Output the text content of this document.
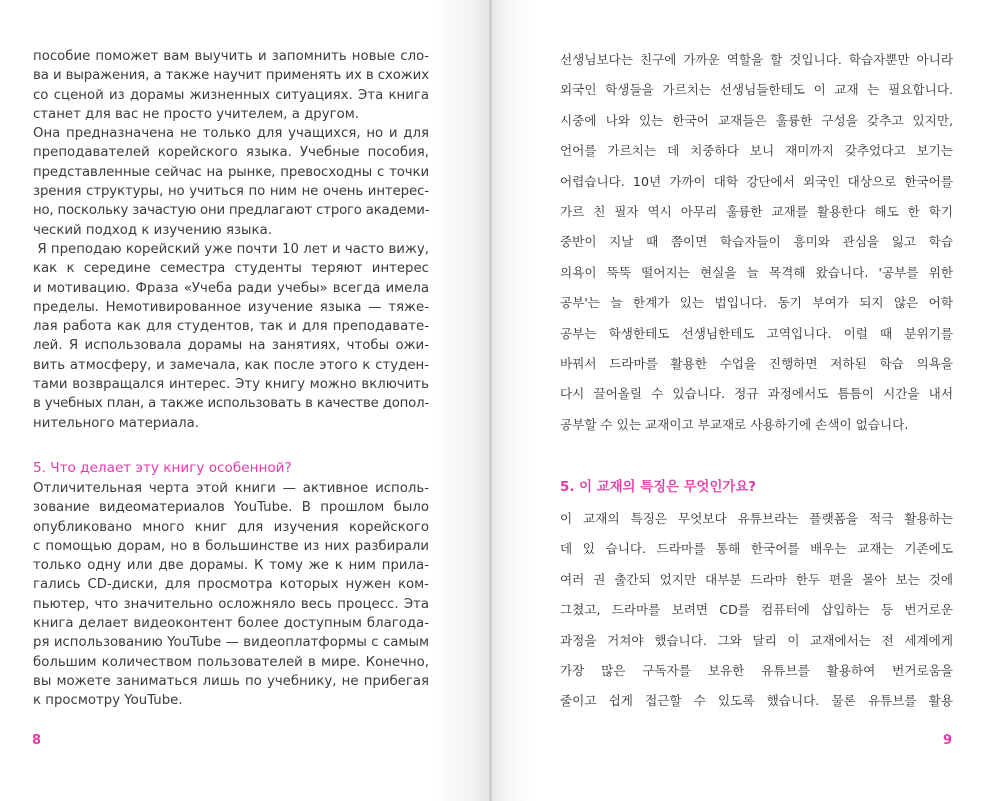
пособие поможет вам выучить и запомнить новые сло-
ва и выражения, а также научит применять их в схожих
со сценой из дорамы жизненных ситуациях. Эта книга
станет для вас не просто учителем, а другом.
Она предназначена не только для учащихся, но и для
преподавателей корейского языка. Учебные пособия,
представленные сейчас на рынке, превосходны с точки
зрения структуры, но учиться по ним не очень интерес-
но, поскольку зачастую они предлагают строго академи-
ческий подход к изучению языка.
Я преподаю корейский уже почти 10 лет и часто вижу,
как к середине семестра студенты теряют интерес
и мотивацию. Фраза «Учеба ради учебы» всегда имела
пределы. Немотивированное изучение языка — тяже-
лая работа как для студентов, так и для преподавате-
лей. Я использовала дорамы на занятиях, чтобы ожи-
вить атмосферу, и замечала, как после этого к студен-
тами возвращался интерес. Эту книгу можно включить
в учебных план, а также использовать в качестве допол-
нительного материала.
5. Что делает эту книгу особенной?
Отличительная черта этой книги — активное исполь-
зование видеоматериалов YouTube. В прошлом было
опубликовано много книг для изучения корейского
с помощью дорам, но в большинстве из них разбирали
только одну или две дорамы. К тому же к ним прила-
гались CD-диски, для просмотра которых нужен ком-
пьютер, что значительно осложняло весь процесс. Эта
книга делает видеоконтент более доступным благода-
ря использованию YouTube — видеоплатформы с самым
большим количеством пользователей в мире. Конечно,
вы можете заниматься лишь по учебнику, не прибегая
к просмотру YouTube.
8
선생님보다는 친구에 가까운 역할을 할 것입니다. 학습자뿐만 아니라
외국인 학생들을 가르치는 선생님들한테도 이 교재 는 필요합니다.
시중에 나와 있는 한국어 교재들은 훌륭한 구성을 갖추고 있지만,
언어를 가르치는 데 치중하다 보니 재미까지 갖추었다고 보기는
어렵습니다. 10년 가까이 대학 강단에서 외국인 대상으로 한국어를
가르 친 필자 역시 아무리 훌륭한 교재를 활용한다 해도 한 학기
중반이 지날 때 쯤이면 학습자들이 흥미와 관심을 잃고 학습
의욕이 뚝뚝 떨어지는 현실을 늘 목격해 왔습니다. '공부를 위한
공부'는 늘 한계가 있는 법입니다. 동기 부여가 되지 않은 어학
공부는 학생한테도 선생님한테도 고역입니다. 이럴 때 분위기를
바꿔서 드라마를 활용한 수업을 진행하면 저하된 학습 의욕을
다시 끌어올릴 수 있습니다. 정규 과정에서도 틈틈이 시간을 내서
공부할 수 있는 교재이고 부교재로 사용하기에 손색이 없습니다.
5. 이 교재의 특징은 무엇인가요?
이 교재의 특징은 무엇보다 유튜브라는 플랫폼을 적극 활용하는
데 있 습니다. 드라마를 통해 한국어를 배우는 교재는 기존에도
여러 권 출간되 었지만 대부분 드라마 한두 편을 몰아 보는 것에
그쳤고, 드라마를 보려면 CD를 컴퓨터에 삽입하는 등 번거로운
과정을 거쳐야 했습니다. 그와 달리 이 교재에서는 전 세계에게
가장 많은 구독자를 보유한 유튜브를 활용하여 번거로움을
줄이고 쉽게 접근할 수 있도록 했습니다. 물론 유튜브를 활용
9
